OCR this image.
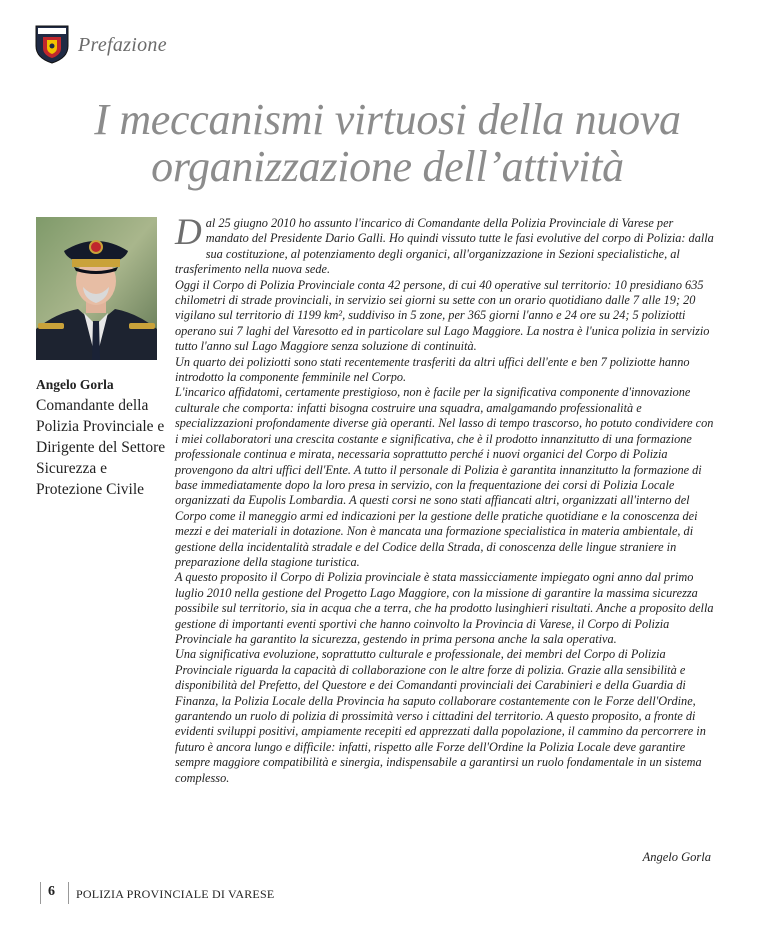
Prefazione
I meccanismi virtuosi della nuova
organizzazione dell’attività
Angelo Gorla
Comandante della Polizia Provinciale e Dirigente del Settore Sicurezza e Protezione Civile

Dal 25 giugno 2010 ho assunto l'incarico di Comandante della Polizia Provinciale di Varese per mandato del Presidente Dario Galli. Ho quindi vissuto tutte le fasi evolutive del corpo di Polizia: dalla sua costituzione, al potenziamento degli organici, all'organizzazione in Sezioni specialistiche, al trasferimento nella nuova sede.

Oggi il Corpo di Polizia Provinciale conta 42 persone, di cui 40 operative sul territorio: 10 presidiano 635 chilometri di strade provinciali, in servizio sei giorni su sette con un orario quotidiano dalle 7 alle 19; 20 vigilano sul territorio di 1199 km², suddiviso in 5 zone, per 365 giorni l'anno e 24 ore su 24; 5 poliziotti operano sui 7 laghi del Varesotto ed in particolare sul Lago Maggiore. La nostra è l'unica polizia in servizio tutto l'anno sul Lago Maggiore senza soluzione di continuità.

Un quarto dei poliziotti sono stati recentemente trasferiti da altri uffici dell'ente e ben 7 poliziotte hanno introdotto la componente femminile nel Corpo.

L'incarico affidatomi, certamente prestigioso, non è facile per la significativa componente d'innovazione culturale che comporta: infatti bisogna costruire una squadra, amalgamando professionalità e specializzazioni profondamente diverse già operanti. Nel lasso di tempo trascorso, ho potuto condividere con i miei collaboratori una crescita costante e significativa, che è il prodotto innanzitutto di una formazione professionale continua e mirata, necessaria soprattutto perché i nuovi organici del Corpo di Polizia provengono da altri uffici dell'Ente. A tutto il personale di Polizia è garantita innanzitutto la formazione di base immediatamente dopo la loro presa in servizio, con la frequentazione dei corsi di Polizia Locale organizzati da Eupolis Lombardia. A questi corsi ne sono stati affiancati altri, organizzati all'interno del Corpo come il maneggio armi ed indicazioni per la gestione delle pratiche quotidiane e la conoscenza dei mezzi e dei materiali in dotazione. Non è mancata una formazione specialistica in materia ambientale, di gestione della incidentalità stradale e del Codice della Strada, di conoscenza delle lingue straniere in preparazione della stagione turistica.

A questo proposito il Corpo di Polizia provinciale è stata massicciamente impiegato ogni anno dal primo luglio 2010 nella gestione del Progetto Lago Maggiore, con la missione di garantire la massima sicurezza possibile sul territorio, sia in acqua che a terra, che ha prodotto lusinghieri risultati. Anche a proposito della gestione di importanti eventi sportivi che hanno coinvolto la Provincia di Varese, il Corpo di Polizia Provinciale ha garantito la sicurezza, gestendo in prima persona anche la sala operativa.

Una significativa evoluzione, soprattutto culturale e professionale, dei membri del Corpo di Polizia Provinciale riguarda la capacità di collaborazione con le altre forze di polizia. Grazie alla sensibilità e disponibilità del Prefetto, del Questore e dei Comandanti provinciali dei Carabinieri e della Guardia di Finanza, la Polizia Locale della Provincia ha saputo collaborare costantemente con le Forze dell'Ordine, garantendo un ruolo di polizia di prossimità verso i cittadini del territorio. A questo proposito, a fronte di evidenti sviluppi positivi, ampiamente recepiti ed apprezzati dalla popolazione, il cammino da percorrere in futuro è ancora lungo e difficile: infatti, rispetto alle Forze dell'Ordine la Polizia Locale deve garantire sempre maggiore compatibilità e sinergia, indispensabile a garantirsi un ruolo fondamentale in un sistema complesso.

Angelo Gorla
6 POLIZIA PROVINCIALE DI VARESE
